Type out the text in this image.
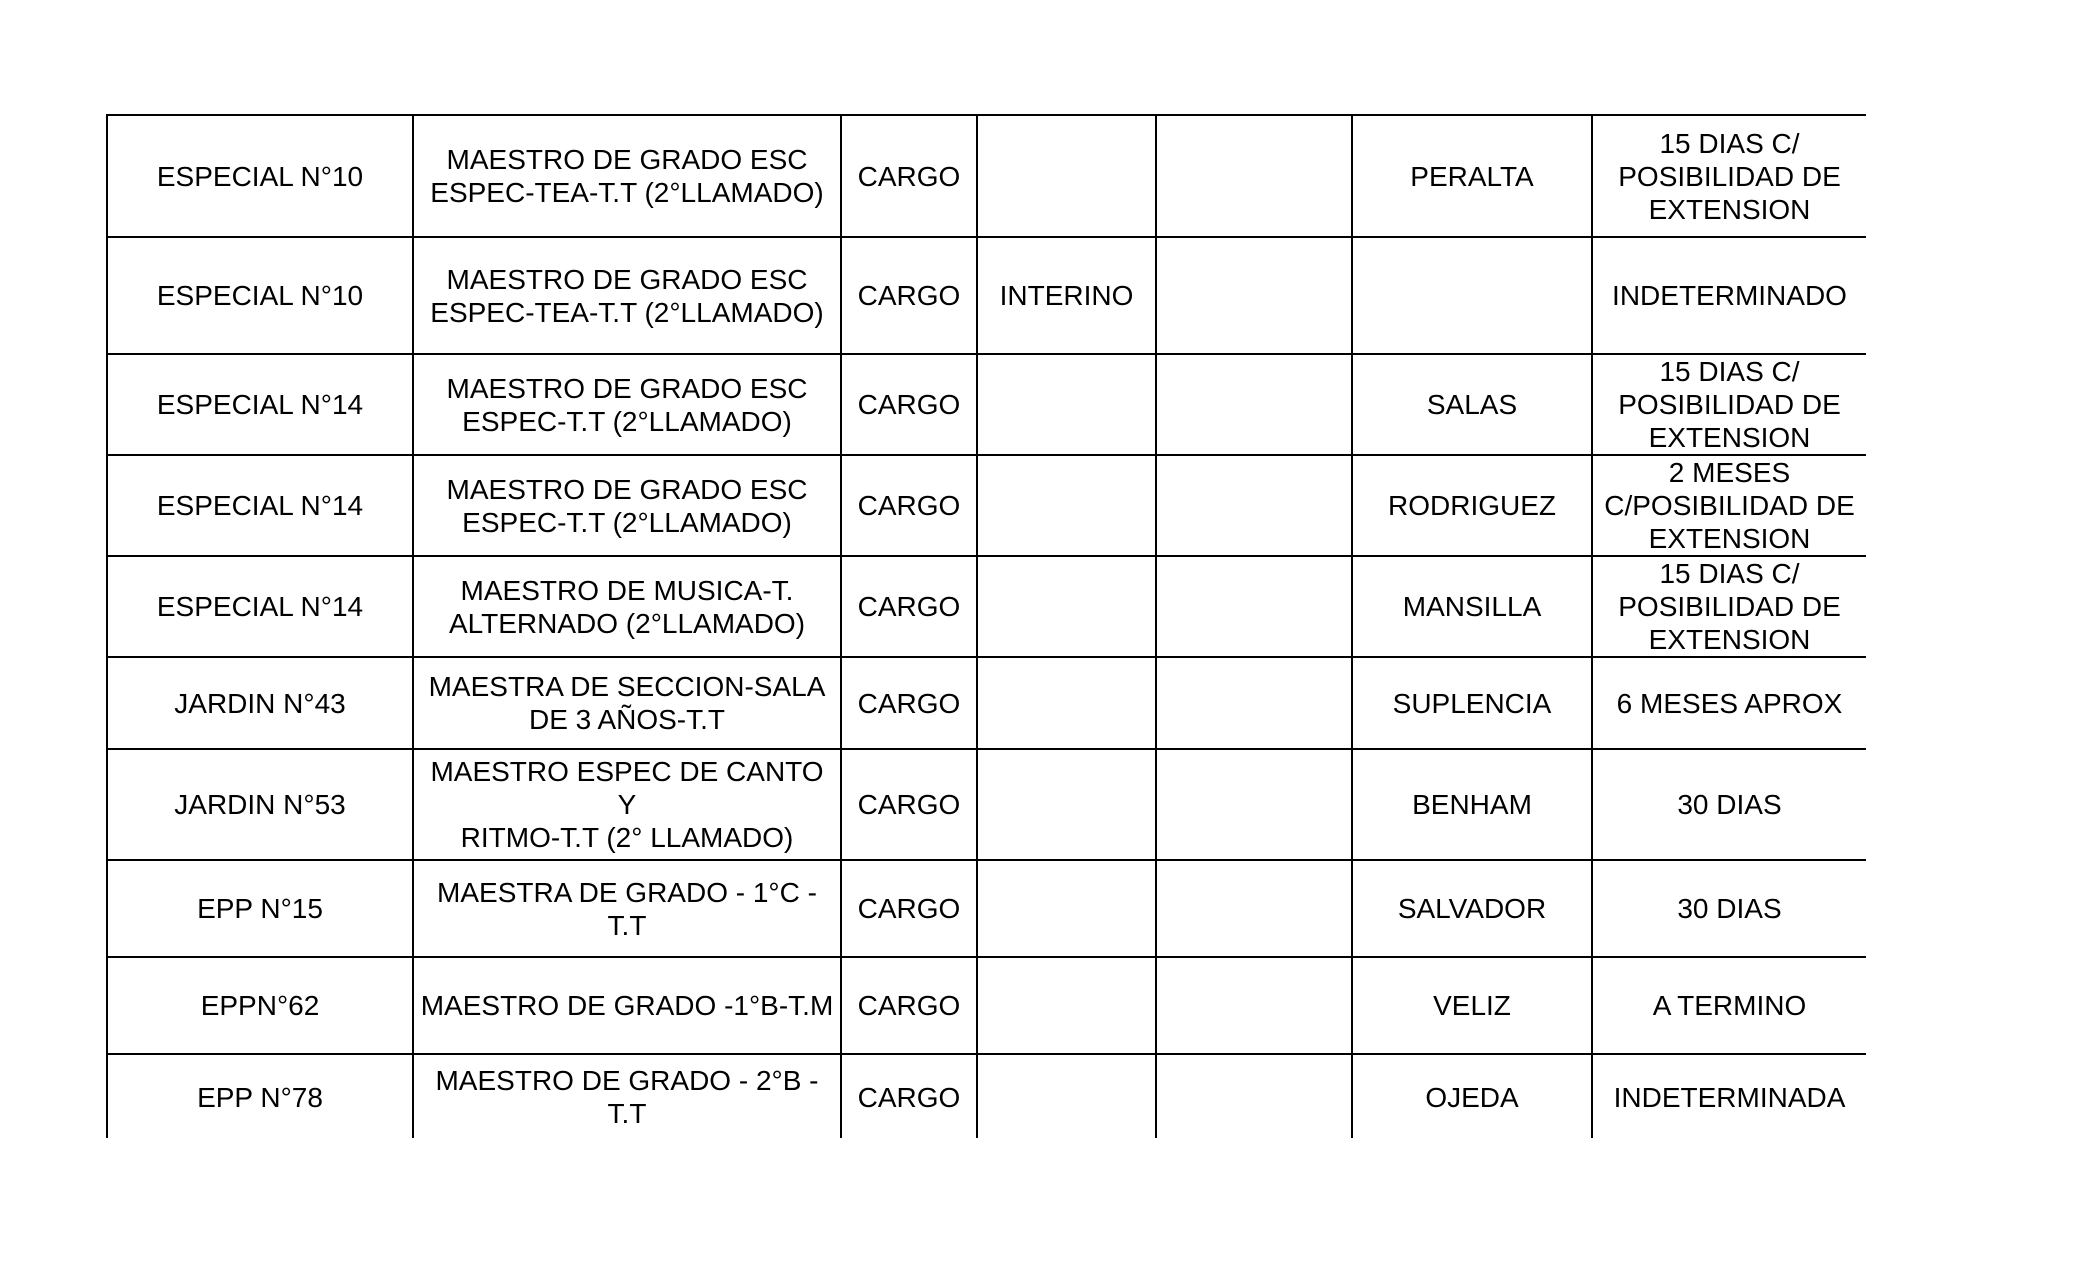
ESPECIAL N°10	MAESTRO DE GRADO ESC
ESPEC-TEA-T.T (2°LLAMADO)	CARGO			PERALTA	15 DIAS C/
POSIBILIDAD DE
EXTENSION

ESPECIAL N°10	MAESTRO DE GRADO ESC
ESPEC-TEA-T.T (2°LLAMADO)	CARGO	INTERINO			INDETERMINADO

ESPECIAL N°14	MAESTRO DE GRADO ESC
ESPEC-T.T (2°LLAMADO)	CARGO			SALAS	15 DIAS C/
POSIBILIDAD DE
EXTENSION

ESPECIAL N°14	MAESTRO DE GRADO ESC
ESPEC-T.T (2°LLAMADO)	CARGO			RODRIGUEZ	2 MESES
C/POSIBILIDAD DE
EXTENSION

ESPECIAL N°14	MAESTRO DE MUSICA-T.
ALTERNADO (2°LLAMADO)	CARGO			MANSILLA	15 DIAS C/
POSIBILIDAD DE
EXTENSION

JARDIN N°43	MAESTRA DE SECCION-SALA
DE 3 AÑOS-T.T	CARGO			SUPLENCIA	6 MESES APROX

JARDIN N°53	MAESTRO ESPEC DE CANTO Y
RITMO-T.T (2° LLAMADO)	CARGO			BENHAM	30 DIAS

EPP N°15	MAESTRA DE GRADO - 1°C -
T.T	CARGO			SALVADOR	30 DIAS

EPPN°62	MAESTRO DE GRADO -1°B-T.M	CARGO			VELIZ	A TERMINO

EPP N°78	MAESTRO DE GRADO - 2°B -
T.T	CARGO			OJEDA	INDETERMINADA
